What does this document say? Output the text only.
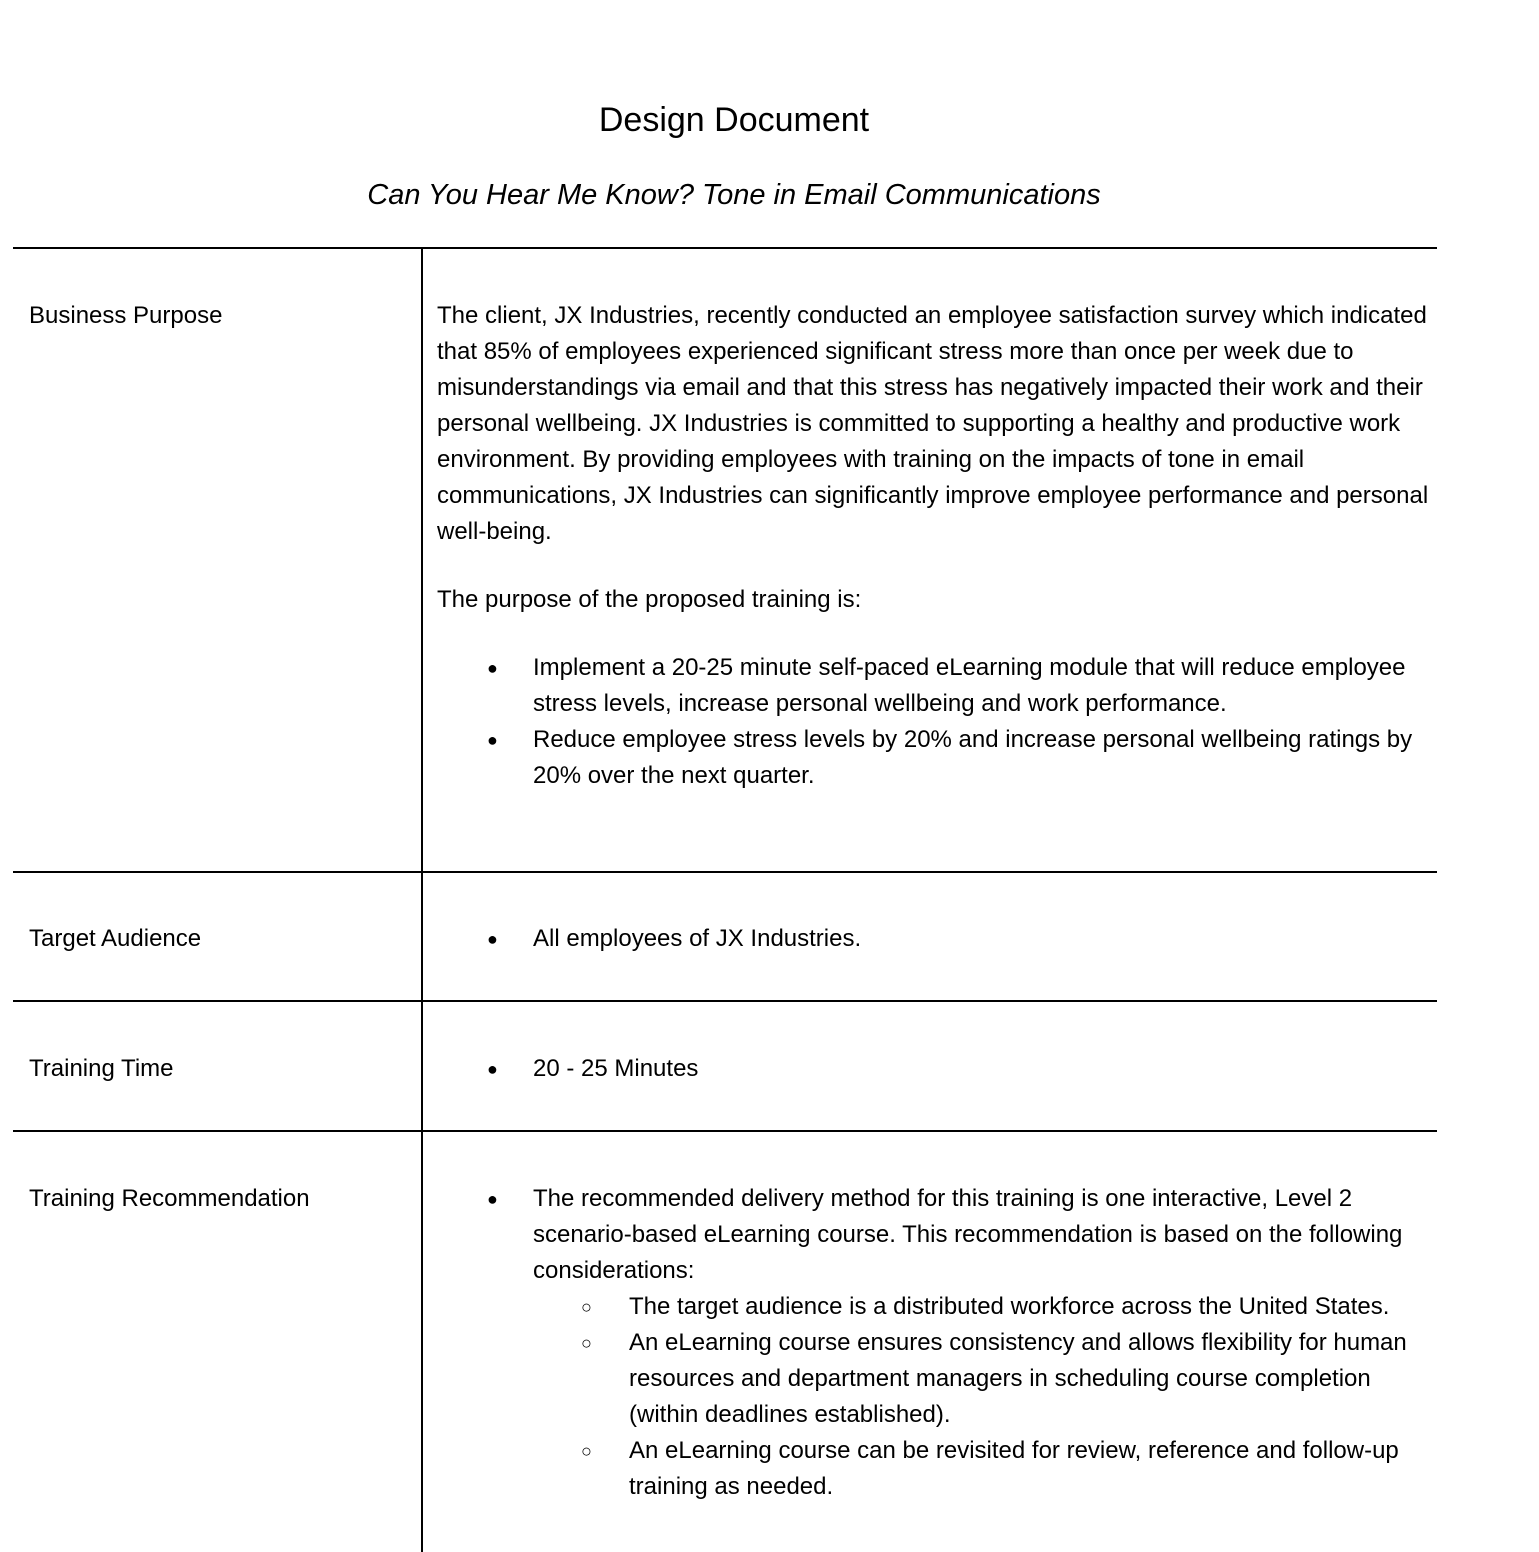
Design Document
Can You Hear Me Know? Tone in Email Communications
Business Purpose	The client, JX Industries, recently conducted an employee satisfaction survey which indicated that 85% of employees experienced significant stress more than once per week due to misunderstandings via email and that this stress has negatively impacted their work and their personal wellbeing. JX Industries is committed to supporting a healthy and productive work environment. By providing employees with training on the impacts of tone in email communications, JX Industries can significantly improve employee performance and personal well-being.

The purpose of the proposed training is:

● Implement a 20-25 minute self-paced eLearning module that will reduce employee stress levels, increase personal wellbeing and work performance.
● Reduce employee stress levels by 20% and increase personal wellbeing ratings by 20% over the next quarter.
Target Audience	● All employees of JX Industries.
Training Time	● 20 - 25 Minutes
Training Recommendation	● The recommended delivery method for this training is one interactive, Level 2 scenario-based eLearning course. This recommendation is based on the following considerations:
○ The target audience is a distributed workforce across the United States.
○ An eLearning course ensures consistency and allows flexibility for human resources and department managers in scheduling course completion (within deadlines established).
○ An eLearning course can be revisited for review, reference and follow-up training as needed.
